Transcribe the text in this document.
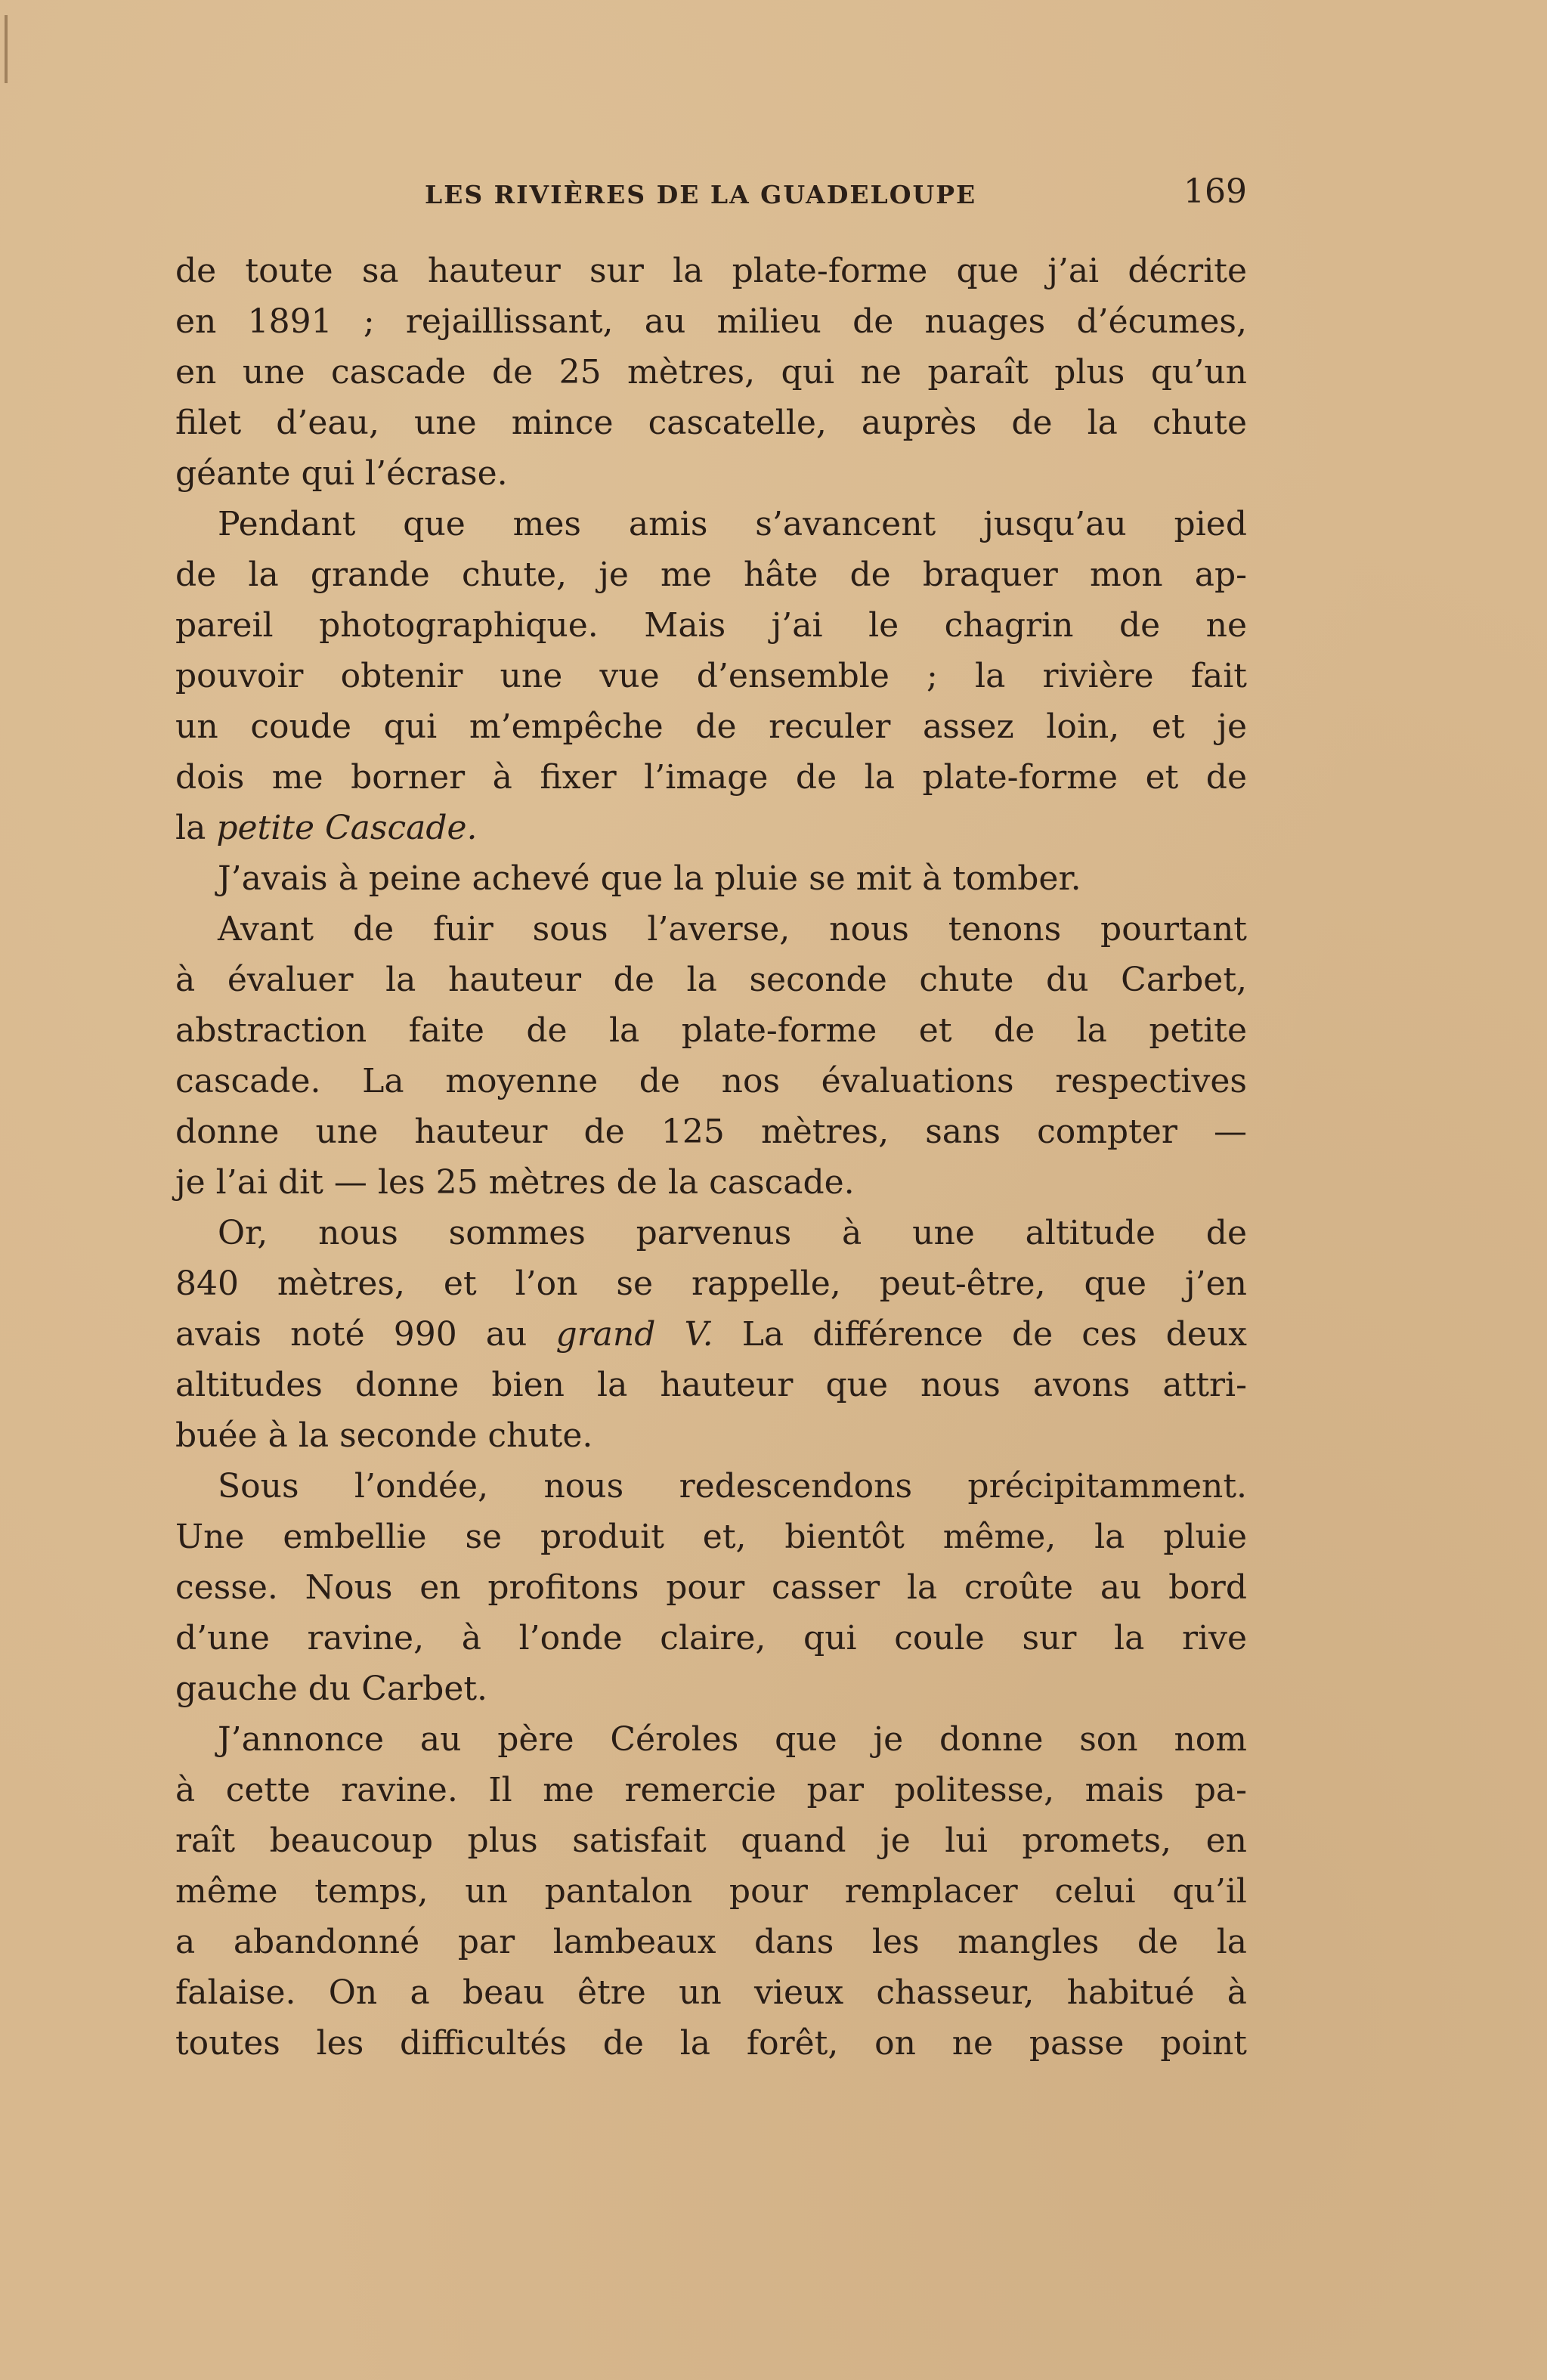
LES RIVIÈRES DE LA GUADELOUPE	169
de toute sa hauteur sur la plate-forme que j’ai décrite
en 1891 ; rejaillissant, au milieu de nuages d’écumes,
en une cascade de 25 mètres, qui ne paraît plus qu’un
filet d’eau, une mince cascatelle, auprès de la chute
géante qui l’écrase.
Pendant que mes amis s’avancent jusqu’au pied
de la grande chute, je me hâte de braquer mon ap-
pareil photographique. Mais j’ai le chagrin de ne
pouvoir obtenir une vue d’ensemble ; la rivière fait
un coude qui m’empêche de reculer assez loin, et je
dois me borner à fixer l’image de la plate-forme et de
la petite Cascade.
J’avais à peine achevé que la pluie se mit à tomber.
Avant de fuir sous l’averse, nous tenons pourtant
à évaluer la hauteur de la seconde chute du Carbet,
abstraction faite de la plate-forme et de la petite
cascade. La moyenne de nos évaluations respectives
donne une hauteur de 125 mètres, sans compter —
je l’ai dit — les 25 mètres de la cascade.
Or, nous sommes parvenus à une altitude de
840 mètres, et l’on se rappelle, peut-être, que j’en
avais noté 990 au grand V. La différence de ces deux
altitudes donne bien la hauteur que nous avons attri-
buée à la seconde chute.
Sous l’ondée, nous redescendons précipitamment.
Une embellie se produit et, bientôt même, la pluie
cesse. Nous en profitons pour casser la croûte au bord
d’une ravine, à l’onde claire, qui coule sur la rive
gauche du Carbet.
J’annonce au père Céroles que je donne son nom
à cette ravine. Il me remercie par politesse, mais pa-
raît beaucoup plus satisfait quand je lui promets, en
même temps, un pantalon pour remplacer celui qu’il
a abandonné par lambeaux dans les mangles de la
falaise. On a beau être un vieux chasseur, habitué à
toutes les difficultés de la forêt, on ne passe point
